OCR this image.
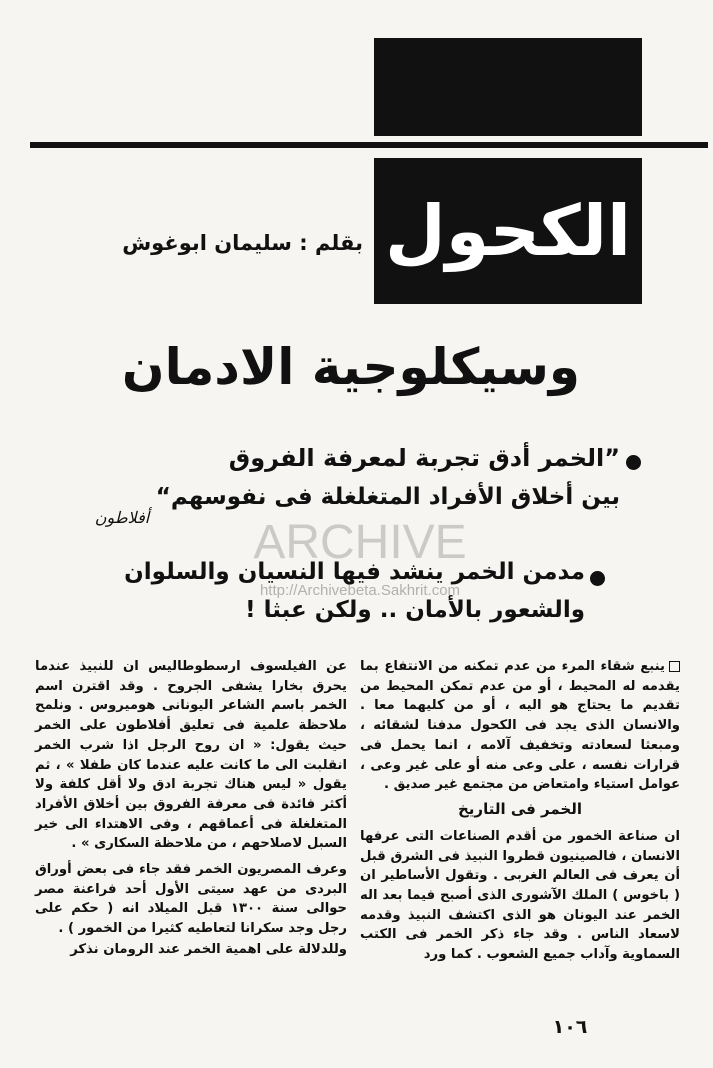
الكحول
بقلم : سليمان ابوغوش
وسيكلوجية الادمان
”الخمر أدق تجربة لمعرفة الفروق
بين أخلاق الأفراد المتغلغلة فى نفوسهم“
أفلاطون	ARCHIVE
http://Archivebeta.Sakhrit.com
مدمن الخمر ينشد فيها النسيان والسلوان
والشعور بالأمان .. ولكن عبثا !

ينبع شقاء المرء من عدم تمكنه من الانتفاع بما يقدمه له المحيط ، أو من عدم تمكن المحيط من تقديم ما يحتاج هو اليه ، أو من كليهما معا . والانسان الذى يجد فى الكحول مدفنا لشقائه ، ومبعثا لسعادته وتخفيف آلامه ، انما يحمل فى قرارات نفسه ، على وعى منه أو على غير وعى ، عوامل استياء وامتعاض من مجتمع غير صديق .

الخمر فى التاريخ

ان صناعة الخمور من أقدم الصناعات التى عرفها الانسان ، فالصينيون قطروا النبيذ فى الشرق قبل أن يعرف فى العالم الغربى . وتقول الأساطير ان ( باخوس ) الملك الآشورى الذى أصبح فيما بعد اله الخمر عند اليونان هو الذى اكتشف النبيذ وقدمه لاسعاد الناس . وقد جاء ذكر الخمر فى الكتب السماوية وآداب جميع الشعوب . كما ورد

عن الفيلسوف ارسطوطاليس ان للنبيذ عندما يحرق بخارا يشفى الجروح . وقد اقترن اسم الخمر باسم الشاعر اليونانى هوميروس . ونلمح ملاحظة علمية فى تعليق أفلاطون على الخمر حيث يقول: « ان روح الرجل اذا شرب الخمر انقلبت الى ما كانت عليه عندما كان طفلا » ، ثم يقول « ليس هناك تجربة ادق ولا أقل كلفة ولا أكثر فائدة فى معرفة الفروق بين أخلاق الأفراد المتغلغلة فى أعماقهم ، وفى الاهتداء الى خير السبل لاصلاحهم ، من ملاحظة السكارى » .

وعرف المصريون الخمر فقد جاء فى بعض أوراق البردى من عهد سيتى الأول أحد فراعنة مصر حوالى سنة ١٣٠٠ قبل الميلاد انه ( حكم على رجل وجد سكرانا لتعاطيه كثيرا من الخمور ) .

وللدلالة على اهمية الخمر عند الرومان نذكر

١٠٦
